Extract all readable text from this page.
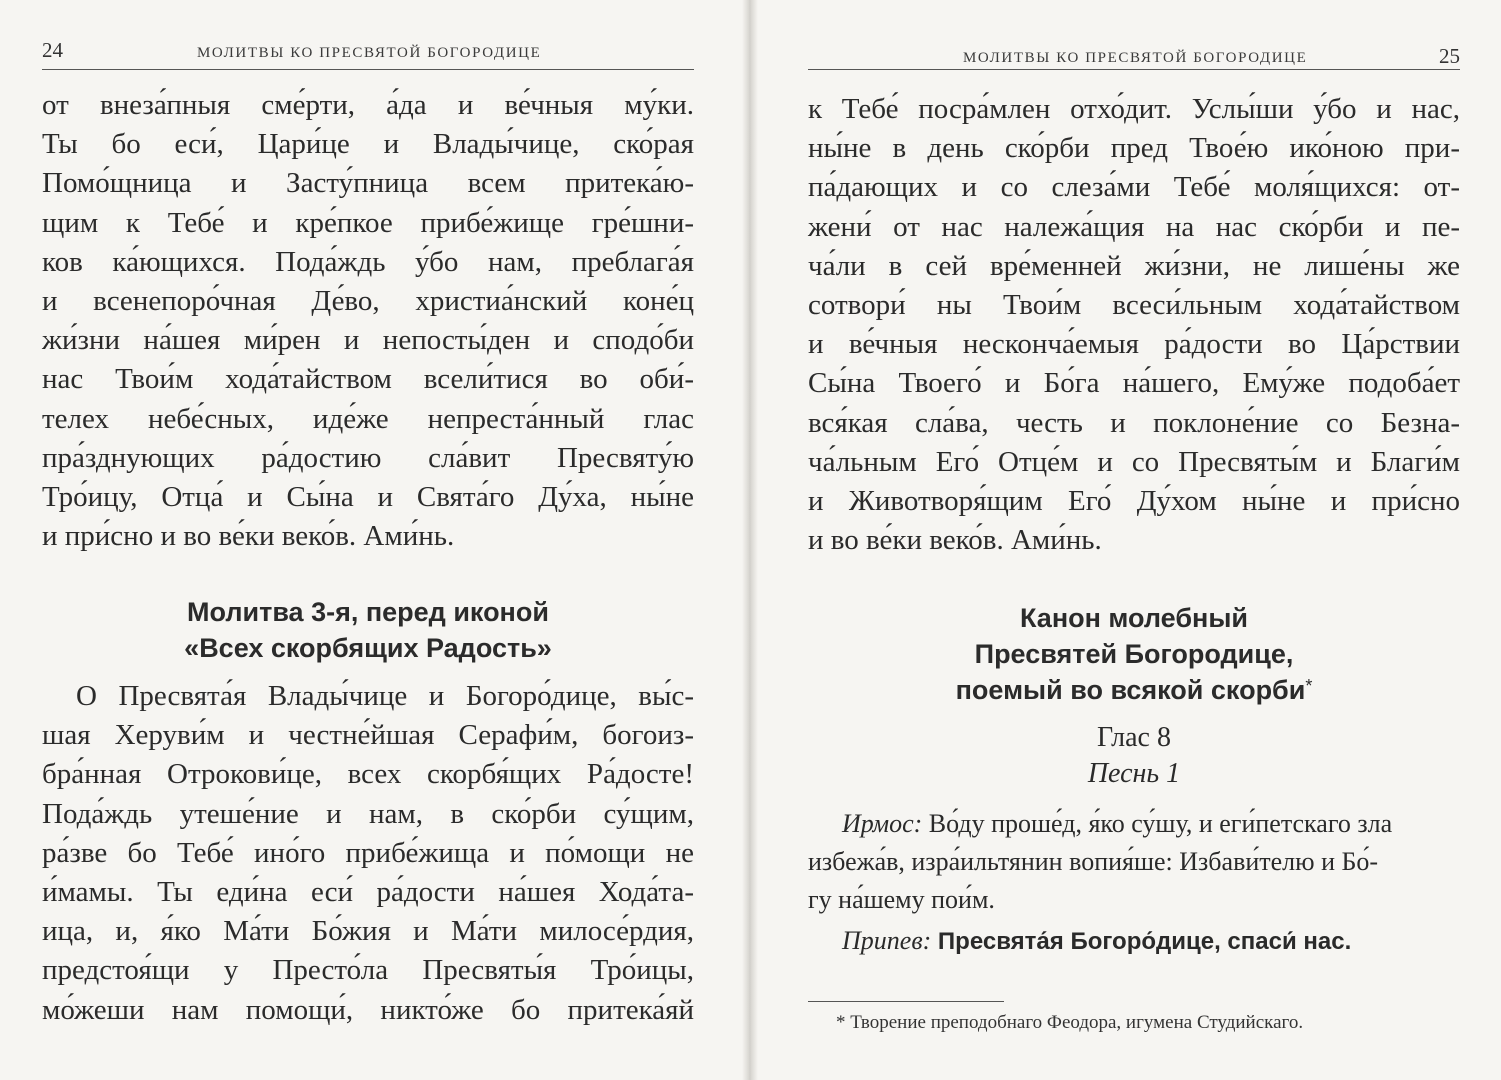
24	МОЛИТВЫ КО ПРЕСВЯТОЙ БОГОРОДИЦЕ
от внеза́пныя сме́рти, а́да и ве́чныя му́ки.
Ты бо еси́, Цари́це и Влады́чице, ско́рая
Помо́щница и Засту́пница всем притека́ю-
щим к Тебе́ и кре́пкое прибе́жище гре́шни-
ков ка́ющихся. Пода́ждь у́бо нам, преблага́я
и всенепоро́чная Де́во, христиа́нский коне́ц
жи́зни на́шея ми́рен и непосты́ден и сподо́би
нас Твои́м хода́тайством всели́тися во оби́-
телех небе́сных, иде́же непреста́нный глас
пра́зднующих ра́достию сла́вит Пресвяту́ю
Тро́ицу, Отца́ и Сы́на и Свята́го Ду́ха, ны́не
и при́сно и во ве́ки веко́в. Ами́нь.
Молитва 3-я, перед иконой
«Всех скорбящих Радость»
О Пресвята́я Влады́чице и Богоро́дице, вы́с-
шая Херуви́м и честне́йшая Серафи́м, богоиз-
бра́нная Отрокови́це, всех скорбя́щих Ра́досте!
Пода́ждь утеше́ние и нам, в ско́рби су́щим,
ра́зве бо Тебе́ ино́го прибе́жища и по́мощи не
и́мамы. Ты еди́на еси́ ра́дости на́шея Хода́та-
ица, и, я́ко Ма́ти Бо́жия и Ма́ти милосе́рдия,
предстоя́щи у Престо́ла Пресвяты́я Тро́ицы,
мо́жеши нам помощи́, никто́же бо притека́яй
МОЛИТВЫ КО ПРЕСВЯТОЙ БОГОРОДИЦЕ	25
к Тебе́ посра́млен отхо́дит. Услы́ши у́бо и нас,
ны́не в день ско́рби пред Твое́ю ико́ною при-
па́дающих и со слеза́ми Тебе́ моля́щихся: от-
жени́ от нас належа́щия на нас ско́рби и пе-
ча́ли в сей вре́менней жи́зни, не лише́ны же
сотвори́ ны Твои́м всеси́льным хода́тайством
и ве́чныя несконча́емыя ра́дости во Ца́рствии
Сы́на Твоего́ и Бо́га на́шего, Ему́же подоба́ет
вся́кая сла́ва, честь и поклоне́ние со Безна-
ча́льным Его́ Отце́м и со Пресвяты́м и Благи́м
и Животворя́щим Его́ Ду́хом ны́не и при́сно
и во ве́ки веко́в. Ами́нь.
Канон молебный
Пресвятей Богородице,
поемый во всякой скорби*
Глас 8
Песнь 1
Ирмос: Во́ду проше́д, я́ко су́шу, и еги́петскаго зла
избежа́в, изра́ильтянин вопия́ше: Избави́телю и Бо́-
гу на́шему пои́м.
Припев: Пресвята́я Богоро́дице, спаси́ нас.
* Творение преподобнаго Феодора, игумена Студийскаго.
